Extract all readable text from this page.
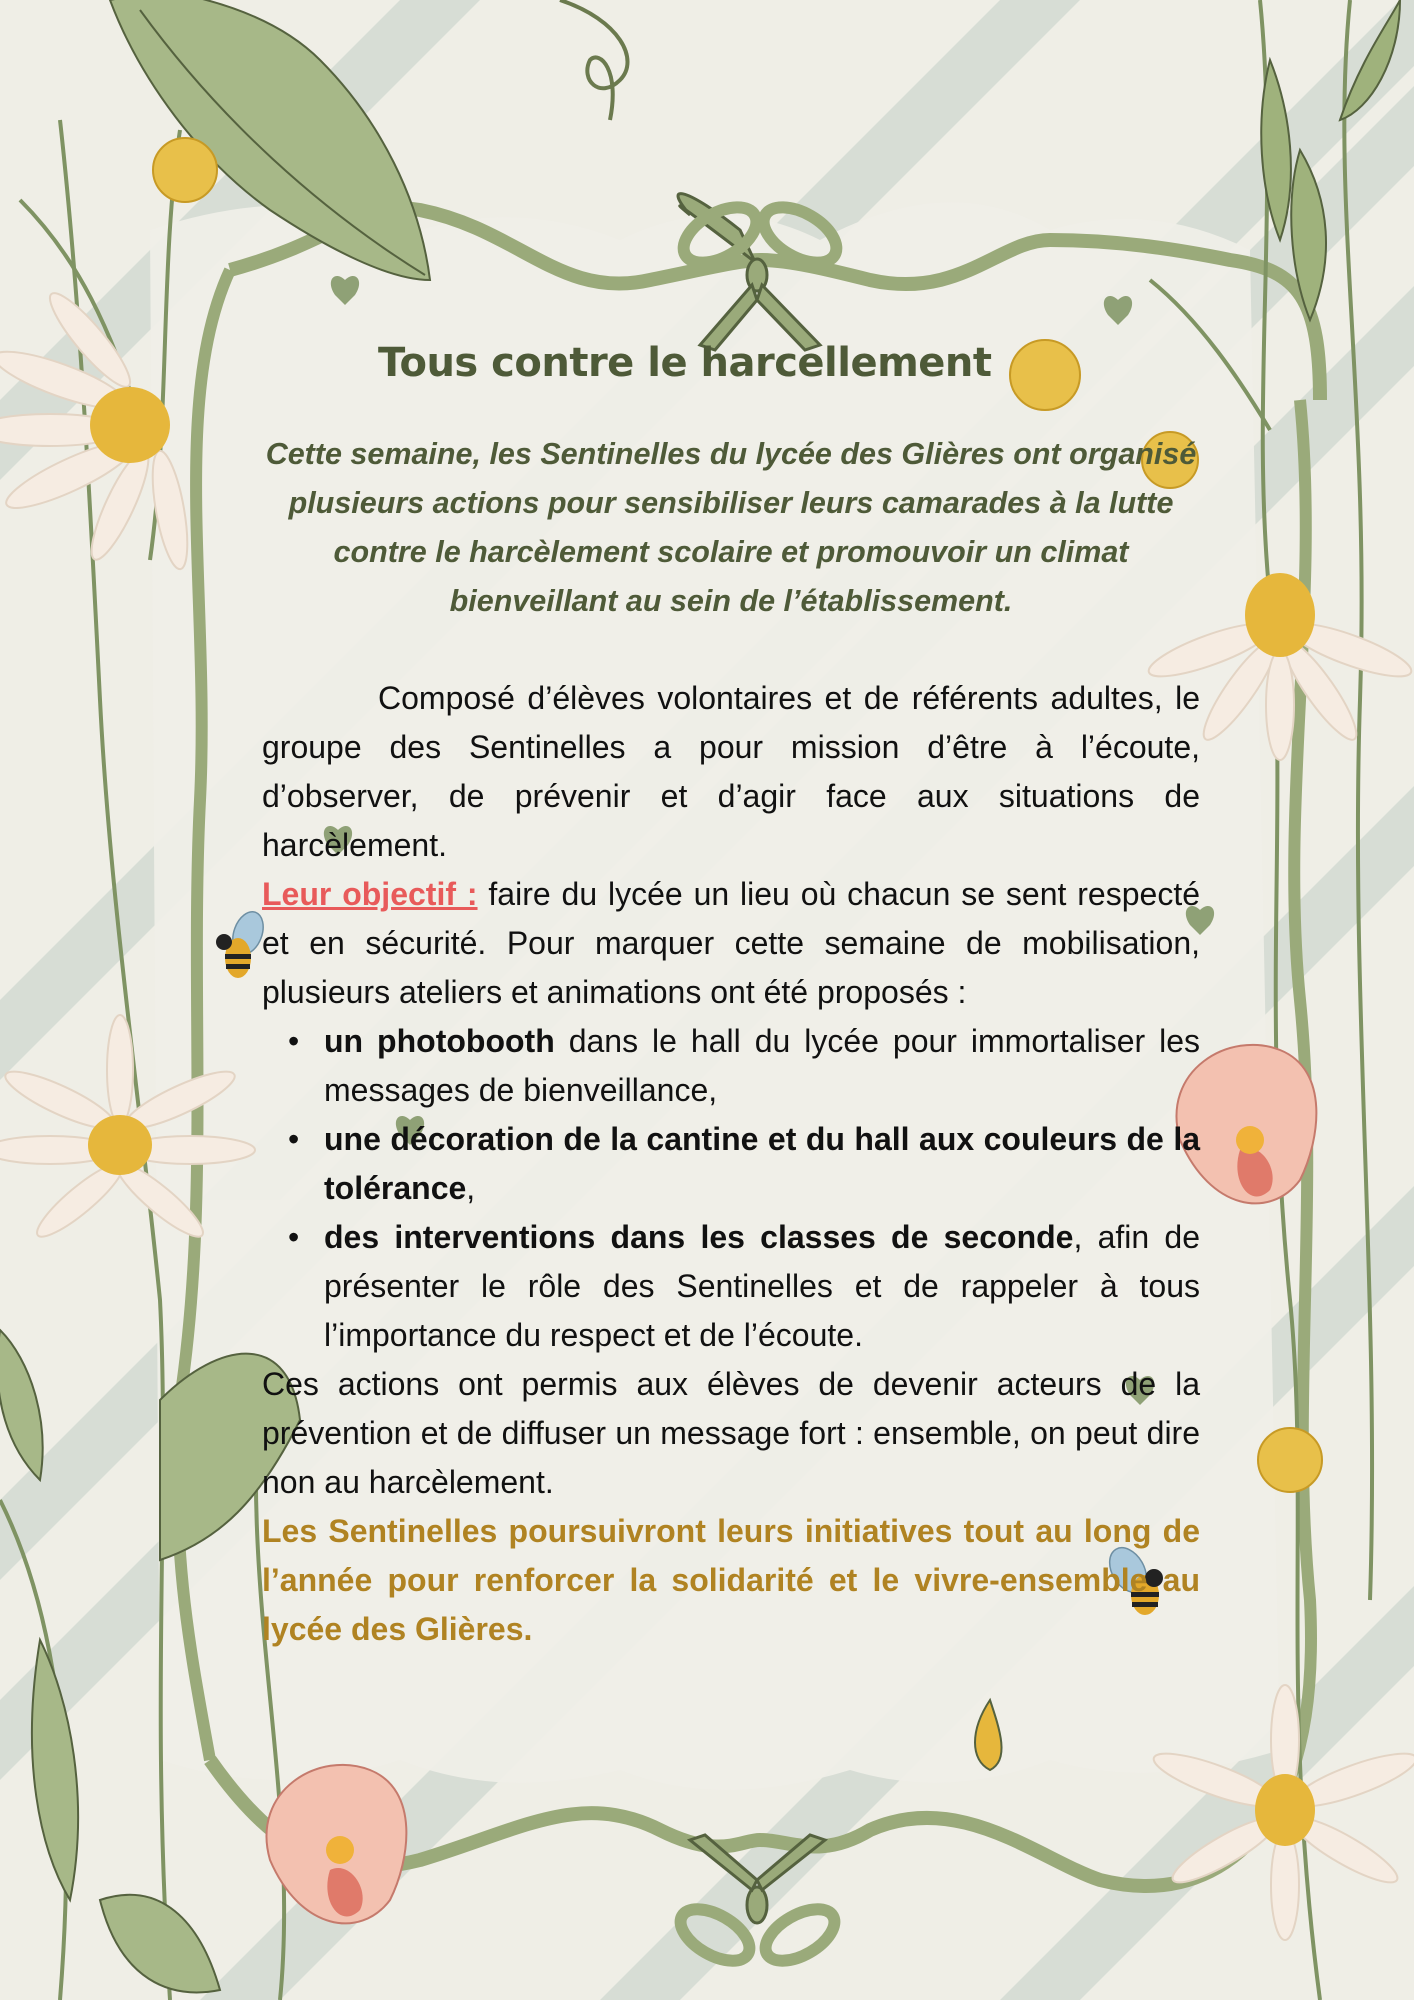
Tous contre le harcellement
Cette semaine, les Sentinelles du lycée des Glières ont organisé plusieurs actions pour sensibiliser leurs camarades à la lutte contre le harcèlement scolaire et promouvoir un climat bienveillant au sein de l’établissement.

Composé d’élèves volontaires et de référents adultes, le groupe des Sentinelles a pour mission d’être à l’écoute, d’observer, de prévenir et d’agir face aux situations de harcèlement.

Leur objectif : faire du lycée un lieu où chacun se sent respecté et en sécurité. Pour marquer cette semaine de mobilisation, plusieurs ateliers et animations ont été proposés :

• un photobooth dans le hall du lycée pour immortaliser les messages de bienveillance,
• une décoration de la cantine et du hall aux couleurs de la tolérance,
• des interventions dans les classes de seconde, afin de présenter le rôle des Sentinelles et de rappeler à tous l’importance du respect et de l’écoute.

Ces actions ont permis aux élèves de devenir acteurs de la prévention et de diffuser un message fort : ensemble, on peut dire non au harcèlement.

Les Sentinelles poursuivront leurs initiatives tout au long de l’année pour renforcer la solidarité et le vivre-ensemble au lycée des Glières.
